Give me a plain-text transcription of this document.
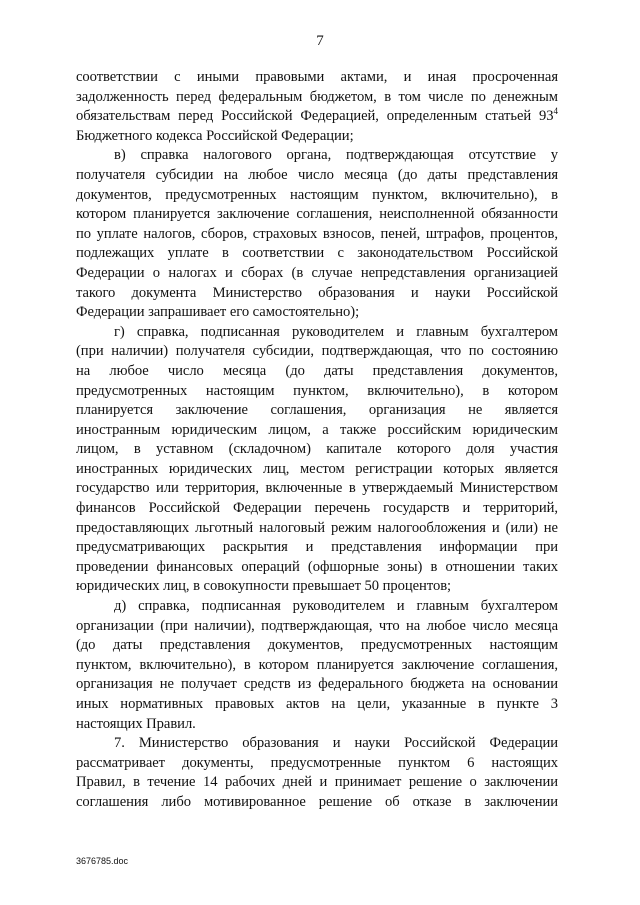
7
соответствии с иными правовыми актами, и иная просроченная
задолженность перед федеральным бюджетом, в том числе по денежным
обязательствам перед Российской Федерацией, определенным статьей $93^4$
Бюджетного кодекса Российской Федерации;
в) справка налогового органа, подтверждающая отсутствие у
получателя субсидии на любое число месяца (до даты представления
документов, предусмотренных настоящим пунктом, включительно), в
котором планируется заключение соглашения, неисполненной обязанности
по уплате налогов, сборов, страховых взносов, пеней, штрафов, процентов,
подлежащих уплате в соответствии с законодательством Российской
Федерации о налогах и сборах (в случае непредставления организацией
такого документа Министерство образования и науки Российской
Федерации запрашивает его самостоятельно);
г) справка, подписанная руководителем и главным бухгалтером
(при наличии) получателя субсидии, подтверждающая, что по состоянию
на любое число месяца (до даты представления документов,
предусмотренных настоящим пунктом, включительно), в котором
планируется заключение соглашения, организация не является
иностранным юридическим лицом, а также российским юридическим
лицом, в уставном (складочном) капитале которого доля участия
иностранных юридических лиц, местом регистрации которых является
государство или территория, включенные в утверждаемый Министерством
финансов Российской Федерации перечень государств и территорий,
предоставляющих льготный налоговый режим налогообложения и (или) не
предусматривающих раскрытия и представления информации при
проведении финансовых операций (офшорные зоны) в отношении таких
юридических лиц, в совокупности превышает 50 процентов;
д) справка, подписанная руководителем и главным бухгалтером
организации (при наличии), подтверждающая, что на любое число месяца
(до даты представления документов, предусмотренных настоящим
пунктом, включительно), в котором планируется заключение соглашения,
организация не получает средств из федерального бюджета на основании
иных нормативных правовых актов на цели, указанные в пункте 3
настоящих Правил.
7. Министерство образования и науки Российской Федерации
рассматривает документы, предусмотренные пунктом 6 настоящих
Правил, в течение 14 рабочих дней и принимает решение о заключении
соглашения либо мотивированное решение об отказе в заключении
3676785.doc
